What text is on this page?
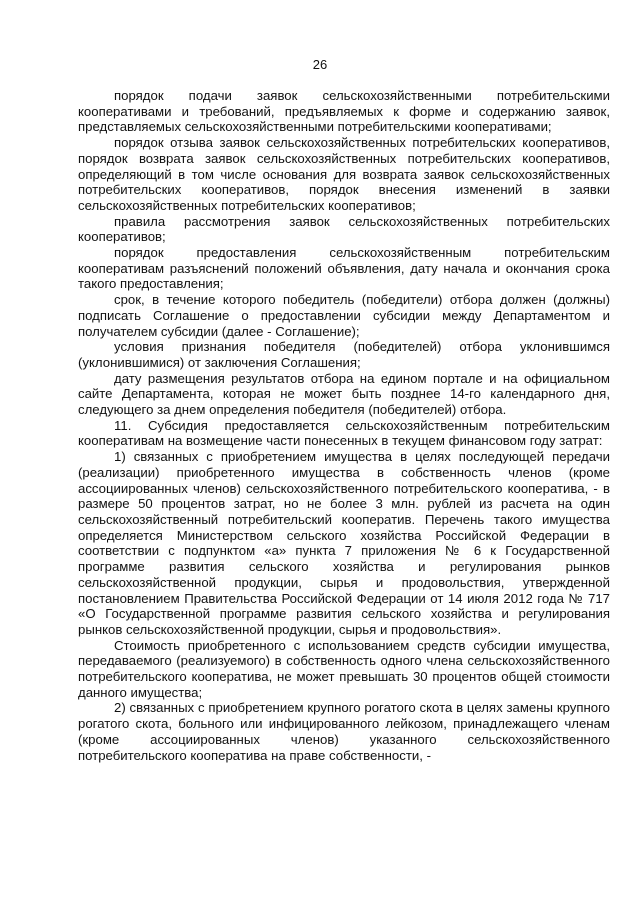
26

порядок подачи заявок сельскохозяйственными потребительскими кооперативами и требований, предъявляемых к форме и содержанию заявок, представляемых сельскохозяйственными потребительскими кооперативами;

порядок отзыва заявок сельскохозяйственных потребительских кооперативов, порядок возврата заявок сельскохозяйственных потребительских кооперативов, определяющий в том числе основания для возврата заявок сельскохозяйственных потребительских кооперативов, порядок внесения изменений в заявки сельскохозяйственных потребительских кооперативов;

правила рассмотрения заявок сельскохозяйственных потребительских кооперативов;

порядок предоставления сельскохозяйственным потребительским кооперативам разъяснений положений объявления, дату начала и окончания срока такого предоставления;

срок, в течение которого победитель (победители) отбора должен (должны) подписать Соглашение о предоставлении субсидии между Департаментом и получателем субсидии (далее - Соглашение);

условия признания победителя (победителей) отбора уклонившимся (уклонившимися) от заключения Соглашения;

дату размещения результатов отбора на едином портале и на официальном сайте Департамента, которая не может быть позднее 14-го календарного дня, следующего за днем определения победителя (победителей) отбора.

11. Субсидия предоставляется сельскохозяйственным потребительским кооперативам на возмещение части понесенных в текущем финансовом году затрат:

1) связанных с приобретением имущества в целях последующей передачи (реализации) приобретенного имущества в собственность членов (кроме ассоциированных членов) сельскохозяйственного потребительского кооператива, - в размере 50 процентов затрат, но не более 3 млн. рублей из расчета на один сельскохозяйственный потребительский кооператив. Перечень такого имущества определяется Министерством сельского хозяйства Российской Федерации в соответствии с подпунктом «а» пункта 7 приложения № 6 к Государственной программе развития сельского хозяйства и регулирования рынков сельскохозяйственной продукции, сырья и продовольствия, утвержденной постановлением Правительства Российской Федерации от 14 июля 2012 года № 717 «О Государственной программе развития сельского хозяйства и регулирования рынков сельскохозяйственной продукции, сырья и продовольствия».

Стоимость приобретенного с использованием средств субсидии имущества, передаваемого (реализуемого) в собственность одного члена сельскохозяйственного потребительского кооператива, не может превышать 30 процентов общей стоимости данного имущества;

2) связанных с приобретением крупного рогатого скота в целях замены крупного рогатого скота, больного или инфицированного лейкозом, принадлежащего членам (кроме ассоциированных членов) указанного сельскохозяйственного потребительского кооператива на праве собственности, -
